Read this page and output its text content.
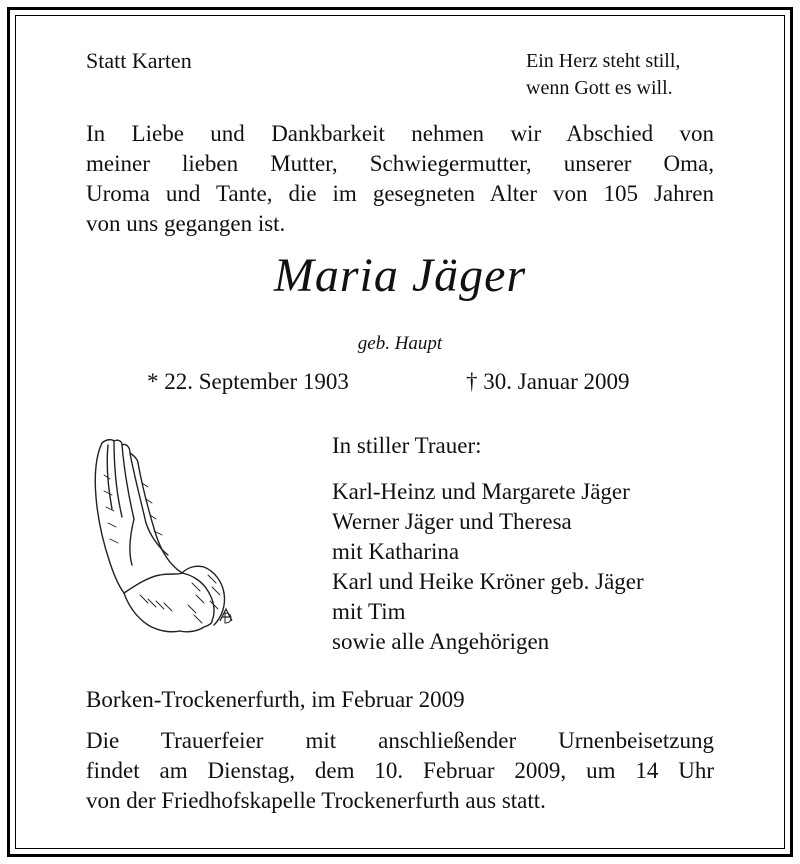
Statt Karten	Ein Herz steht still,
wenn Gott es will.
In Liebe und Dankbarkeit nehmen wir Abschied von
meiner lieben Mutter, Schwiegermutter, unserer Oma,
Uroma und Tante, die im gesegneten Alter von 105 Jahren
von uns gegangen ist.
Maria Jäger
geb. Haupt
* 22. September 1903	† 30. Januar 2009
In stiller Trauer:
Karl-Heinz und Margarete Jäger
Werner Jäger und Theresa
mit Katharina
Karl und Heike Kröner geb. Jäger
mit Tim
sowie alle Angehörigen
Borken-Trockenerfurth, im Februar 2009
Die Trauerfeier mit anschließender Urnenbeisetzung
findet am Dienstag, dem 10. Februar 2009, um 14 Uhr
von der Friedhofskapelle Trockenerfurth aus statt.
